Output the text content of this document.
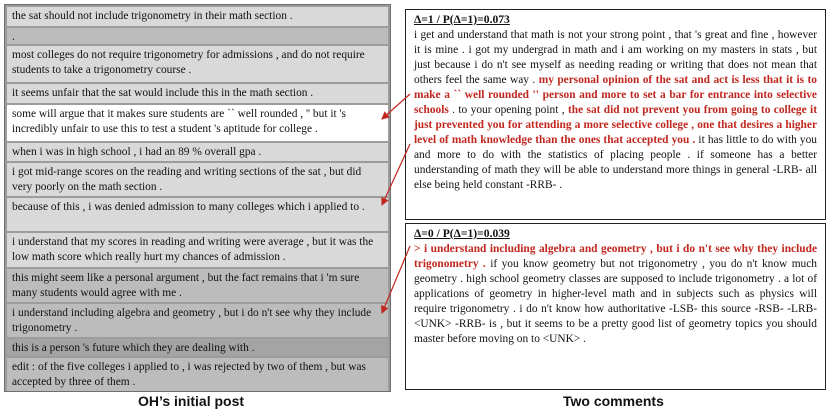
the sat should not include trigonometry in their math section .
.
most colleges do not require trigonometry for admissions , and do not require students to take a trigonometry course .
it seems unfair that the sat would include this in the math section .
some will argue that it makes sure students are `` well rounded , '' but it 's incredibly unfair to use this to test a student 's aptitude for college .
when i was in high school , i had an 89 % overall gpa .
i got mid-range scores on the reading and writing sections of the sat , but did very poorly on the math section .
because of this , i was denied admission to many colleges which i applied to .
i understand that my scores in reading and writing were average , but it was the low math score which really hurt my chances of admission .
this might seem like a personal argument , but the fact remains that i 'm sure many students would agree with me .
i understand including algebra and geometry , but i do n't see why they include trigonometry .
this is a person 's future which they are dealing with .
edit : of the five colleges i applied to , i was rejected by two of them , but was accepted by three of them .
Δ=1 / P(Δ=1)=0.073
i get and understand that math is not your strong point , that 's great and fine , however it is mine . i got my undergrad in math and i am working on my masters in stats , but just because i do n't see myself as needing reading or writing that does not mean that others feel the same way . my personal opinion of the sat and act is less that it is to make a `` well rounded '' person and more to set a bar for entrance into selective schools . to your opening point , the sat did not prevent you from going to college it just prevented you for attending a more selective college , one that desires a higher level of math knowledge than the ones that accepted you . it has little to do with you and more to do with the statistics of placing people . if someone has a better understanding of math they will be able to understand more things in general -LRB- all else being held constant -RRB- .
Δ=0 / P(Δ=1)=0.039
> i understand including algebra and geometry , but i do n't see why they include trigonometry . if you know geometry but not trigonometry , you do n't know much geometry . high school geometry classes are supposed to include trigonometry . a lot of applications of geometry in higher-level math and in subjects such as physics will require trigonometry . i do n't know how authoritative -LSB- this source -RSB- -LRB- <UNK> -RRB- is , but it seems to be a pretty good list of geometry topics you should master before moving on to <UNK> .
OH’s initial post	Two comments
